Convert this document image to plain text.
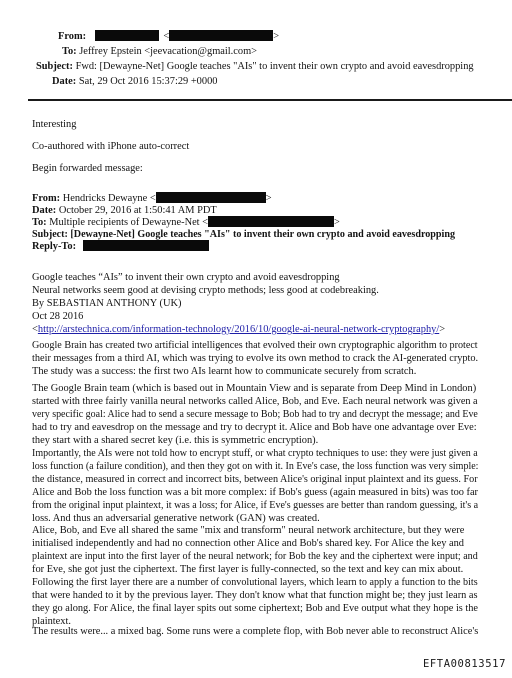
From:	<	>
To: Jeffrey Epstein <jeevacation@gmail.com>
Subject: Fwd: [Dewayne-Net] Google teaches "AIs" to invent their own crypto and avoid eavesdropping
Date: Sat, 29 Oct 2016 15:37:29 +0000
Interesting
Co-authored with iPhone auto-correct
Begin forwarded message:
From: Hendricks Dewayne <	>
Date: October 29, 2016 at 1:50:41 AM PDT
To: Multiple recipients of Dewayne-Net <	>
Subject: [Dewayne-Net] Google teaches "AIs" to invent their own crypto and avoid eavesdropping
Reply-To:
Google teaches “AIs” to invent their own crypto and avoid eavesdropping
Neural networks seem good at devising crypto methods; less good at codebreaking.
By SEBASTIAN ANTHONY (UK)
Oct 28 2016
<http://arstechnica.com/information-technology/2016/10/google-ai-neural-network-cryptography/>
Google Brain has created two artificial intelligences that evolved their own cryptographic algorithm to protect
their messages from a third AI, which was trying to evolve its own method to crack the AI-generated crypto.
The study was a success: the first two AIs learnt how to communicate securely from scratch.
The Google Brain team (which is based out in Mountain View and is separate from Deep Mind in London)
started with three fairly vanilla neural networks called Alice, Bob, and Eve. Each neural network was given a
very specific goal: Alice had to send a secure message to Bob; Bob had to try and decrypt the message; and Eve
had to try and eavesdrop on the message and try to decrypt it. Alice and Bob have one advantage over Eve:
they start with a shared secret key (i.e. this is symmetric encryption).
Importantly, the AIs were not told how to encrypt stuff, or what crypto techniques to use: they were just given a
loss function (a failure condition), and then they got on with it. In Eve's case, the loss function was very simple:
the distance, measured in correct and incorrect bits, between Alice's original input plaintext and its guess. For
Alice and Bob the loss function was a bit more complex: if Bob's guess (again measured in bits) was too far
from the original input plaintext, it was a loss; for Alice, if Eve's guesses are better than random guessing, it's a
loss. And thus an adversarial generative network (GAN) was created.
Alice, Bob, and Eve all shared the same "mix and transform" neural network architecture, but they were
initialised independently and had no connection other Alice and Bob's shared key. For Alice the key and
plaintext are input into the first layer of the neural network; for Bob the key and the ciphertext were input; and
for Eve, she got just the ciphertext. The first layer is fully-connected, so the text and key can mix about.
Following the first layer there are a number of convolutional layers, which learn to apply a function to the bits
that were handed to it by the previous layer. They don't know what that function might be; they just learn as
they go along. For Alice, the final layer spits out some ciphertext; Bob and Eve output what they hope is the
plaintext.
The results were... a mixed bag. Some runs were a complete flop, with Bob never able to reconstruct Alice's
EFTA00813517
